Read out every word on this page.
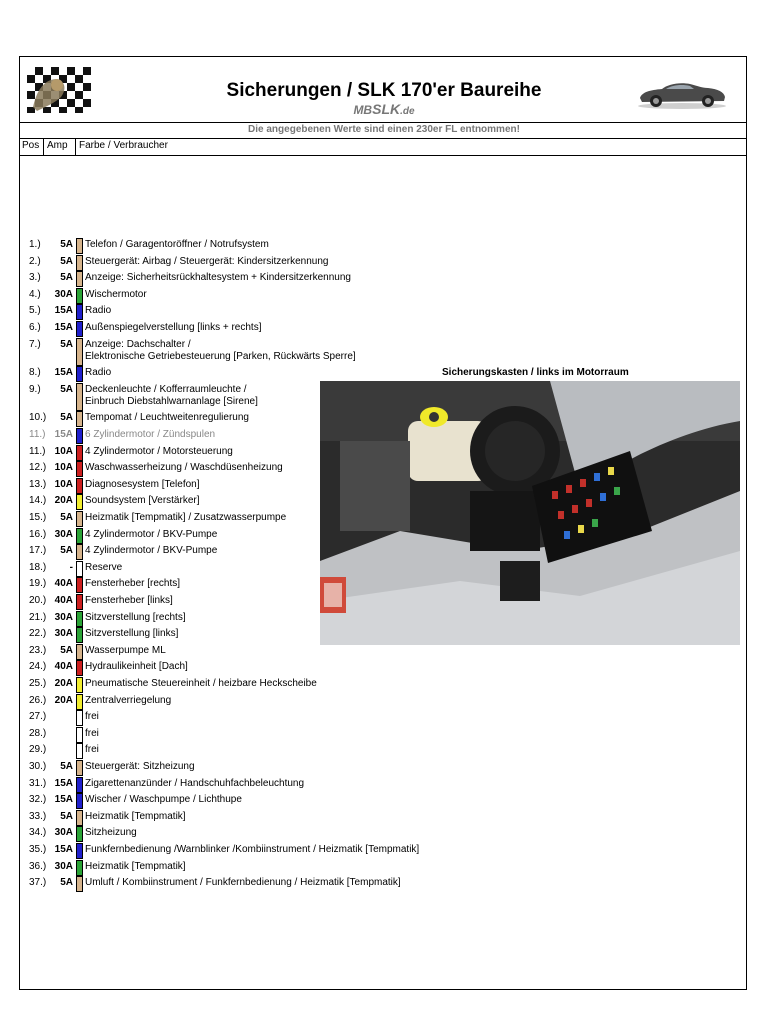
Sicherungen / SLK 170'er Baureihe
MBSLK.de
Die angegebenen Werte sind einen 230er FL entnommen!
Pos Amp Farbe / Verbraucher
1.)	5A Telefon / Garagentoröffner / Notrufsystem
2.)	5A Steuergerät: Airbag / Steuergerät: Kindersitzerkennung
3.)	5A Anzeige: Sicherheitsrückhaltesystem + Kindersitzerkennung
4.)	30A Wischermotor
5.)	15A Radio
6.)	15A Außenspiegelverstellung [links + rechts]
7.)	5A Anzeige: Dachschalter /
Elektronische Getriebesteuerung [Parken, Rückwärts Sperre]
8.)	15A Radio
9.)	5A Deckenleuchte / Kofferraumleuchte /
Einbruch Diebstahlwarnanlage [Sirene]
10.)	5A Tempomat / Leuchtweitenregulierung
11.) 15A 6 Zylindermotor / Zündspulen
11.) 10A 4 Zylindermotor / Motorsteuerung
12.) 10A Waschwasserheizung / Waschdüsenheizung
13.) 10A Diagnosesystem [Telefon]
14.) 20A Soundsystem [Verstärker]
15.)	5A Heizmatik [Tempmatik] / Zusatzwasserpumpe
16.) 30A 4 Zylindermotor / BKV-Pumpe
17.)	5A 4 Zylindermotor / BKV-Pumpe
18.)	- Reserve
19.) 40A Fensterheber [rechts]
20.) 40A Fensterheber [links]
21.) 30A Sitzverstellung [rechts]
22.) 30A Sitzverstellung [links]
23.)	5A Wasserpumpe ML
24.) 40A Hydraulikeinheit [Dach]
25.) 20A Pneumatische Steuereinheit / heizbare Heckscheibe
26.) 20A Zentralverriegelung
27.)	frei
28.)	frei
29.)	frei
30.)	5A Steuergerät: Sitzheizung
31.) 15A Zigarettenanzünder / Handschuhfachbeleuchtung
32.) 15A Wischer / Waschpumpe / Lichthupe
33.)	5A Heizmatik [Tempmatik]
34.) 30A Sitzheizung
35.) 15A Funkfernbedienung /Warnblinker /Kombiinstrument / Heizmatik [Tempmatik]
36.) 30A Heizmatik [Tempmatik]
37.)	5A Umluft / Kombiinstrument / Funkfernbedienung / Heizmatik [Tempmatik]
Sicherungskasten / links im Motorraum
